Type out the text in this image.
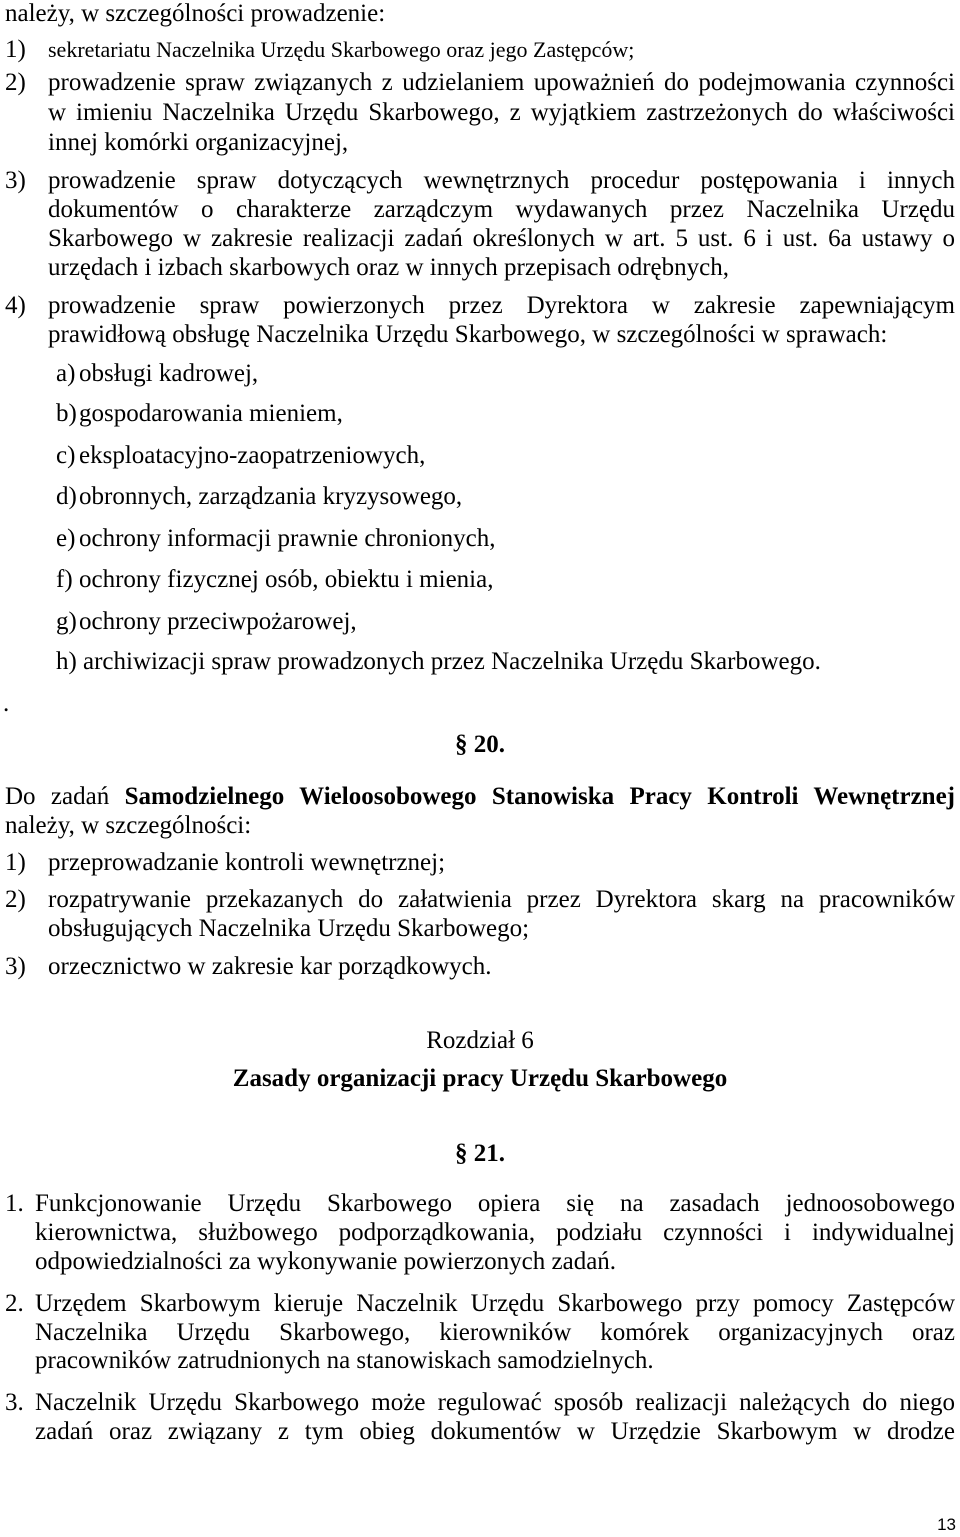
należy, w szczególności prowadzenie:
1) sekretariatu Naczelnika Urzędu Skarbowego oraz jego Zastępców;
2) prowadzenie spraw związanych z udzielaniem upoważnień do podejmowania czynności
w imieniu Naczelnika Urzędu Skarbowego, z wyjątkiem zastrzeżonych do właściwości
innej komórki organizacyjnej,
3) prowadzenie spraw dotyczących wewnętrznych procedur postępowania i innych
dokumentów o charakterze zarządczym wydawanych przez Naczelnika Urzędu
Skarbowego w zakresie realizacji zadań określonych w art. 5 ust. 6 i ust. 6a ustawy o
urzędach i izbach skarbowych oraz w innych przepisach odrębnych,
4) prowadzenie spraw powierzonych przez Dyrektora w zakresie zapewniającym
prawidłową obsługę Naczelnika Urzędu Skarbowego, w szczególności w sprawach:
a) obsługi kadrowej,
b) gospodarowania mieniem,
c) eksploatacyjno-zaopatrzeniowych,
d) obronnych, zarządzania kryzysowego,
e) ochrony informacji prawnie chronionych,
f) ochrony fizycznej osób, obiektu i mienia,
g) ochrony przeciwpożarowej,
h) archiwizacji spraw prowadzonych przez Naczelnika Urzędu Skarbowego.
.
§ 20.
Do zadań Samodzielnego Wieloosobowego Stanowiska Pracy Kontroli Wewnętrznej
należy, w szczególności:
1) przeprowadzanie kontroli wewnętrznej;
2) rozpatrywanie przekazanych do załatwienia przez Dyrektora skarg na pracowników
obsługujących Naczelnika Urzędu Skarbowego;
3) orzecznictwo w zakresie kar porządkowych.
Rozdział 6
Zasady organizacji pracy Urzędu Skarbowego
§ 21.
1. Funkcjonowanie Urzędu Skarbowego opiera się na zasadach jednoosobowego
kierownictwa, służbowego podporządkowania, podziału czynności i indywidualnej
odpowiedzialności za wykonywanie powierzonych zadań.
2. Urzędem Skarbowym kieruje Naczelnik Urzędu Skarbowego przy pomocy Zastępców
Naczelnika Urzędu Skarbowego, kierowników komórek organizacyjnych oraz
pracowników zatrudnionych na stanowiskach samodzielnych.
3. Naczelnik Urzędu Skarbowego może regulować sposób realizacji należących do niego
zadań oraz związany z tym obieg dokumentów w Urzędzie Skarbowym w drodze
13
